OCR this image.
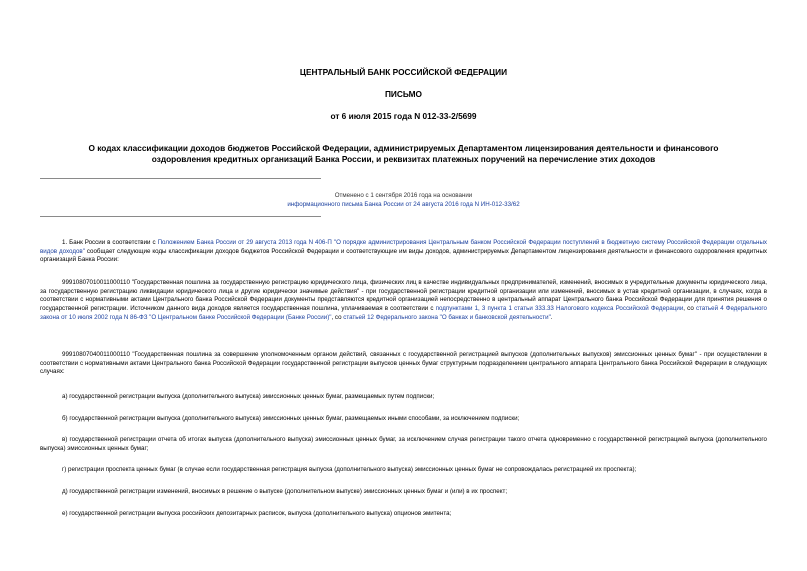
ЦЕНТРАЛЬНЫЙ БАНК РОССИЙСКОЙ ФЕДЕРАЦИИ
ПИСЬМО
от 6 июля 2015 года N 012-33-2/5699
О кодах классификации доходов бюджетов Российской Федерации, администрируемых Департаментом лицензирования деятельности и финансового
оздоровления кредитных организаций Банка России, и реквизитах платежных поручений на перечисление этих доходов
Отменено с 1 сентября 2016 года на основании
информационного письма Банка России от 24 августа 2016 года N ИН-012-33/62

1. Банк России в соответствии с Положением Банка России от 29 августа 2013 года N 406-П "О порядке администрирования Центральным банком Российской Федерации поступлений в бюджетную систему Российской Федерации отдельных видов доходов" сообщает следующие коды классификации доходов бюджетов Российской Федерации и соответствующие им виды доходов, администрируемых Департаментом лицензирования деятельности и финансового оздоровления кредитных организаций Банка России:

99910807010011000110 "Государственная пошлина за государственную регистрацию юридического лица, физических лиц в качестве индивидуальных предпринимателей, изменений, вносимых в учредительные документы юридического лица, за государственную регистрацию ликвидации юридического лица и другие юридически значимые действия" - при государственной регистрации кредитной организации или изменений, вносимых в устав кредитной организации, в случаях, когда в соответствии с нормативными актами Центрального банка Российской Федерации документы представляются кредитной организацией непосредственно в центральный аппарат Центрального банка Российской Федерации для принятия решения о государственной регистрации. Источником данного вида доходов является государственная пошлина, уплачиваемая в соответствии с подпунктами 1, 3 пункта 1 статьи 333.33 Налогового кодекса Российской Федерации, со статьей 4 Федерального закона от 10 июля 2002 года N 86-ФЗ "О Центральном банке Российской Федерации (Банке России)", со статьей 12 Федерального закона "О банках и банковской деятельности".

99910807040011000110 "Государственная пошлина за совершение уполномоченным органом действий, связанных с государственной регистрацией выпусков (дополнительных выпусков) эмиссионных ценных бумаг" - при осуществлении в соответствии с нормативными актами Центрального банка Российской Федерации государственной регистрации выпусков ценных бумаг структурным подразделением центрального аппарата Центрального банка Российской Федерации в следующих случаях:

а) государственной регистрации выпуска (дополнительного выпуска) эмиссионных ценных бумаг, размещаемых путем подписки;

б) государственной регистрации выпуска (дополнительного выпуска) эмиссионных ценных бумаг, размещаемых иными способами, за исключением подписки;

в) государственной регистрации отчета об итогах выпуска (дополнительного выпуска) эмиссионных ценных бумаг, за исключением случая регистрации такого отчета одновременно с государственной регистрацией выпуска (дополнительного выпуска) эмиссионных ценных бумаг;

г) регистрации проспекта ценных бумаг (в случае если государственная регистрация выпуска (дополнительного выпуска) эмиссионных ценных бумаг не сопровождалась регистрацией их проспекта);

д) государственной регистрации изменений, вносимых в решение о выпуске (дополнительном выпуске) эмиссионных ценных бумаг и (или) в их проспект;

е) государственной регистрации выпуска российских депозитарных расписок, выпуска (дополнительного выпуска) опционов эмитента;
